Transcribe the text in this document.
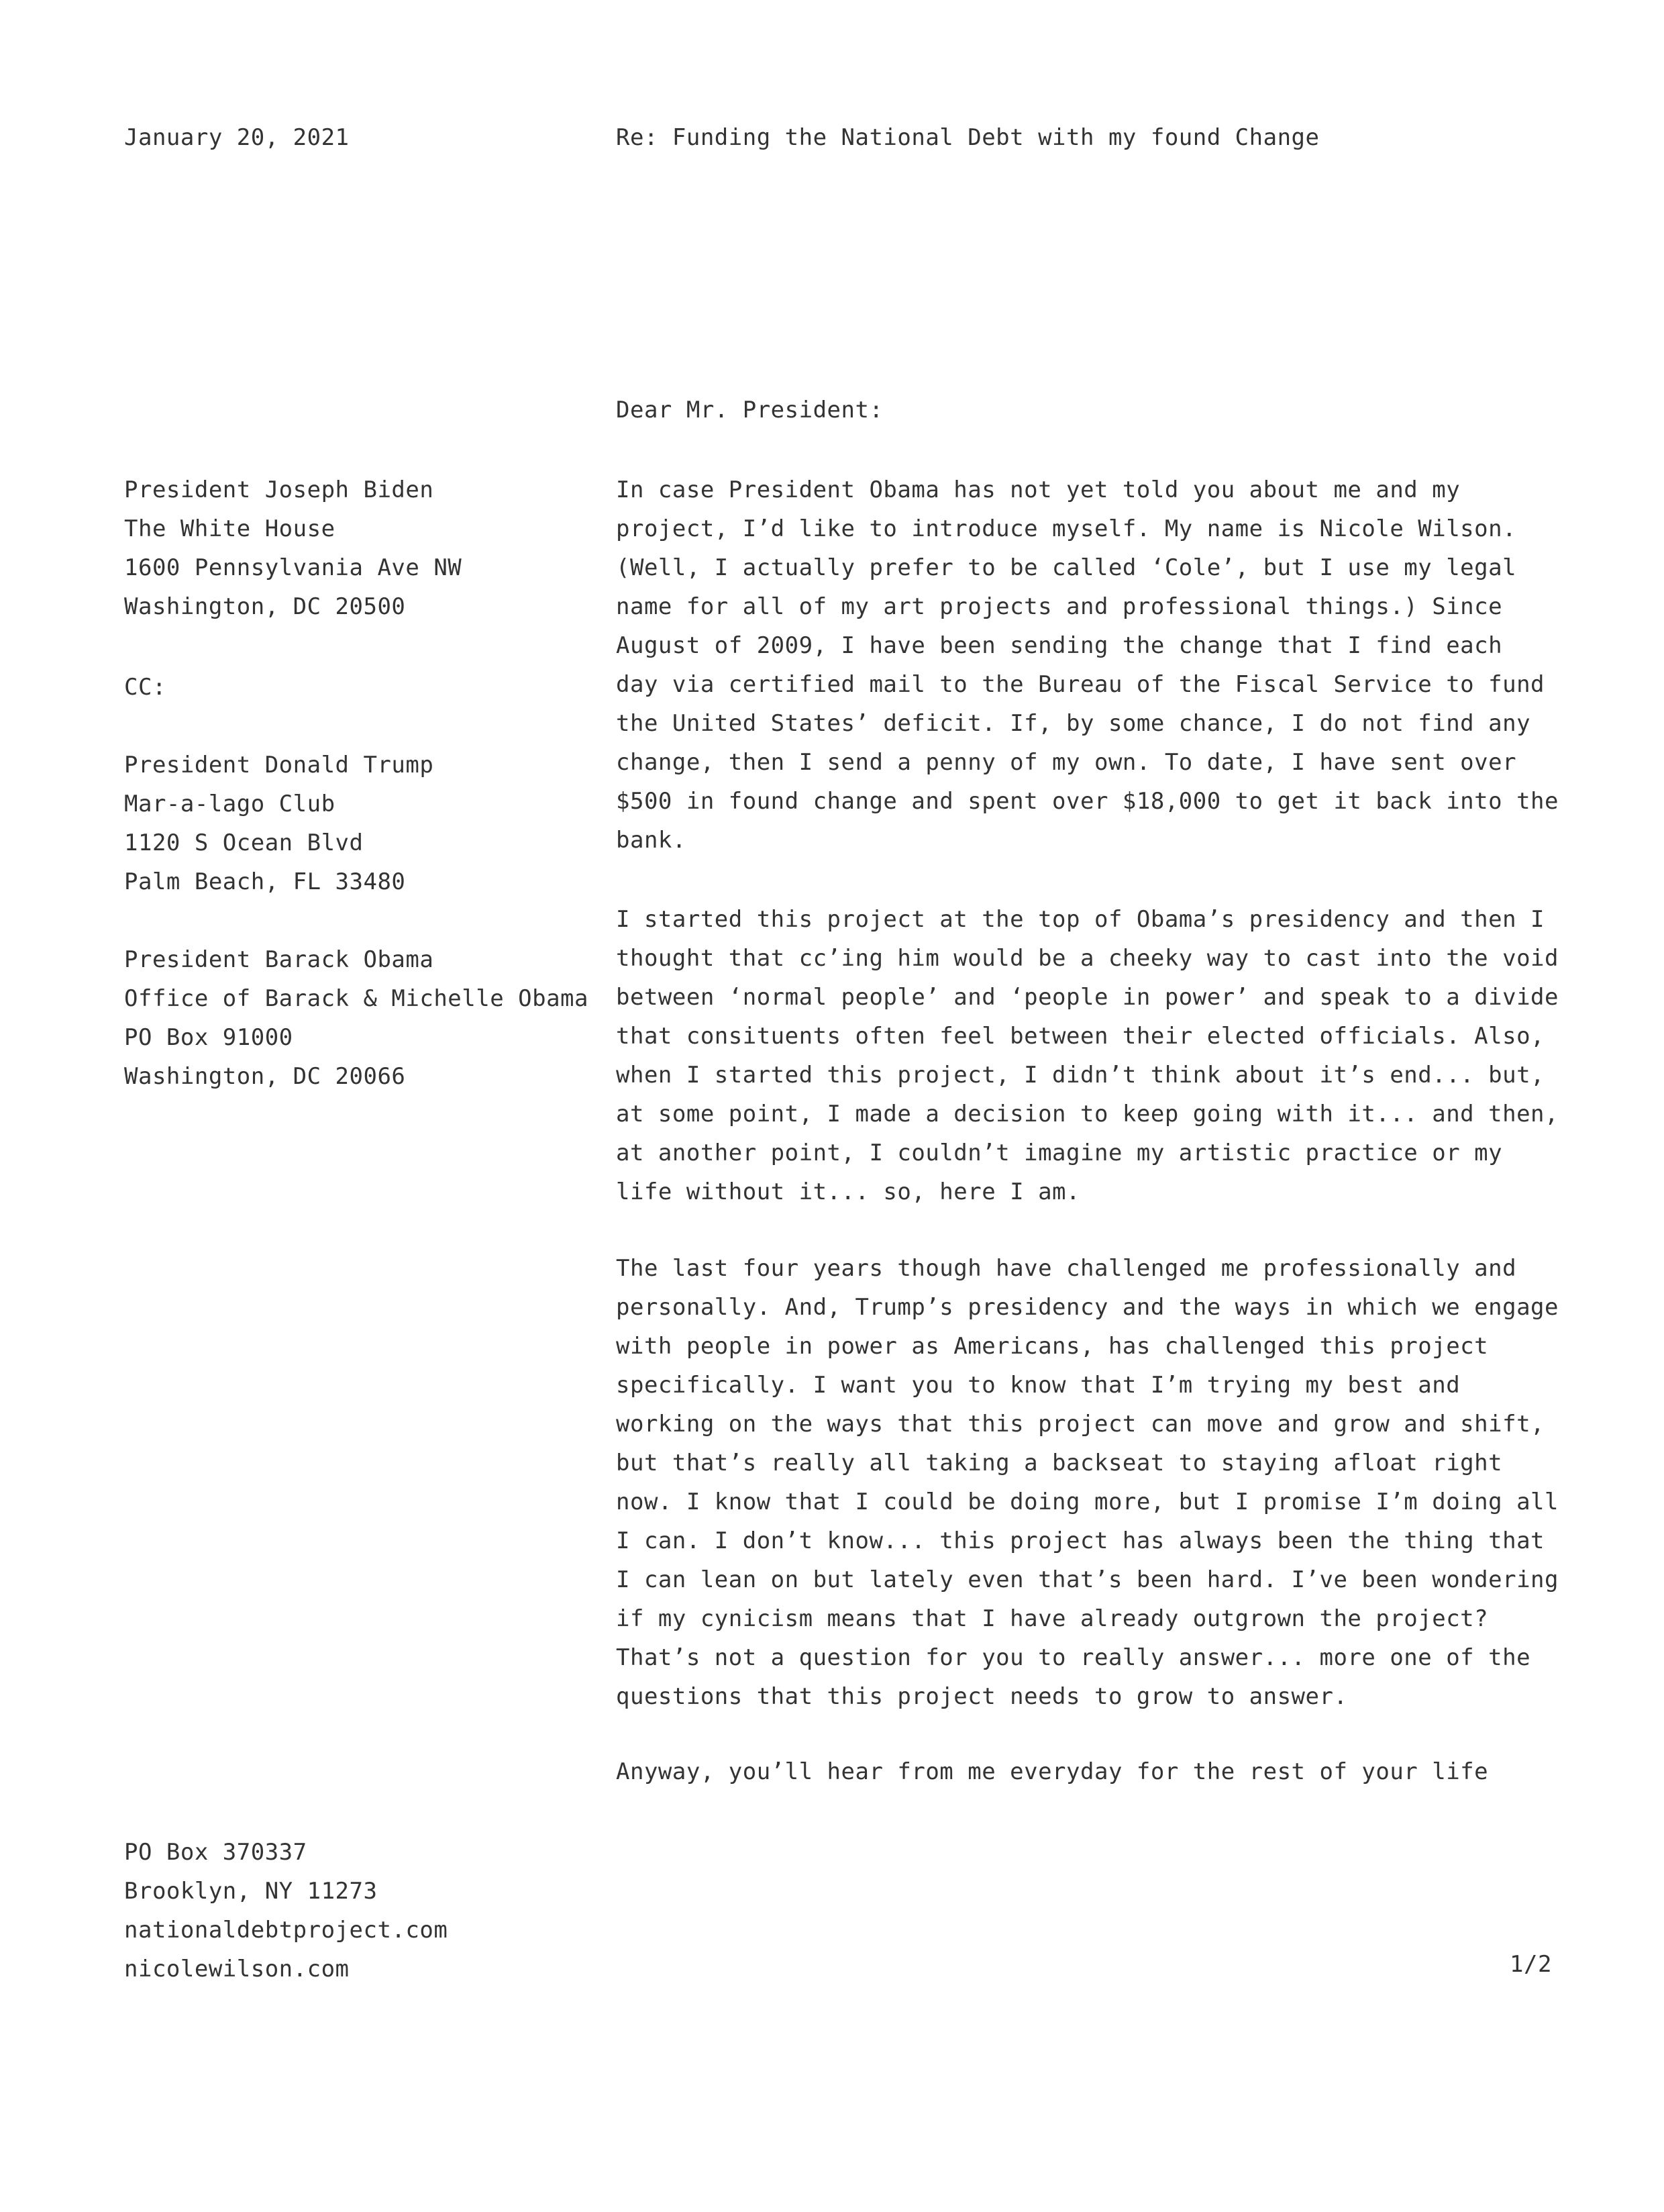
January 20, 2021	Re: Funding the National Debt with my found Change
Dear Mr. President:
CC:
President Joseph Biden
The White House
1600 Pennsylvania Ave NW
Washington, DC 20500
President Donald Trump
Mar-a-lago Club
1120 S Ocean Blvd
Palm Beach, FL 33480
President Barack Obama
Office of Barack & Michelle Obama
PO Box 91000
Washington, DC 20066
In case President Obama has not yet told you about me and my
project, I’d like to introduce myself. My name is Nicole Wilson.
(Well, I actually prefer to be called ‘Cole’, but I use my legal
name for all of my art projects and professional things.) Since
August of 2009, I have been sending the change that I find each
day via certified mail to the Bureau of the Fiscal Service to fund
the United States’ deficit. If, by some chance, I do not find any
change, then I send a penny of my own. To date, I have sent over
$500 in found change and spent over $18,000 to get it back into the
bank.
I started this project at the top of Obama’s presidency and then I
thought that cc’ing him would be a cheeky way to cast into the void
between ‘normal people’ and ‘people in power’ and speak to a divide
that consituents often feel between their elected officials. Also,
when I started this project, I didn’t think about it’s end... but,
at some point, I made a decision to keep going with it... and then,
at another point, I couldn’t imagine my artistic practice or my
life without it... so, here I am.
The last four years though have challenged me professionally and
personally. And, Trump’s presidency and the ways in which we engage
with people in power as Americans, has challenged this project
specifically. I want you to know that I’m trying my best and
working on the ways that this project can move and grow and shift,
but that’s really all taking a backseat to staying afloat right
now. I know that I could be doing more, but I promise I’m doing all
I can. I don’t know... this project has always been the thing that
I can lean on but lately even that’s been hard. I’ve been wondering
if my cynicism means that I have already outgrown the project?
That’s not a question for you to really answer... more one of the
questions that this project needs to grow to answer.
Anyway, you’ll hear from me everyday for the rest of your life
PO Box 370337
Brooklyn, NY 11273
nationaldebtproject.com
nicolewilson.com	1/2
